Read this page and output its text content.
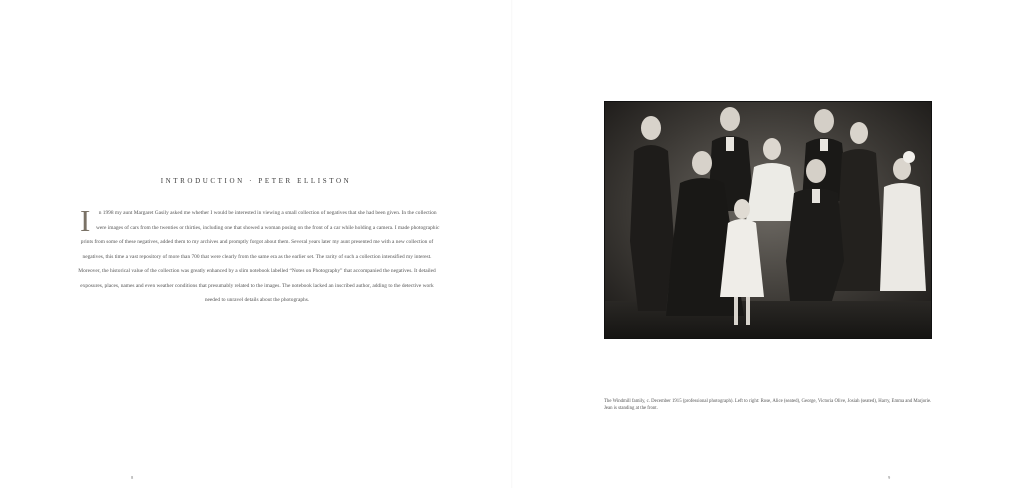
INTRODUCTION · PETER ELLISTON
I n 1998 my aunt Margaret Gasily asked me whether I would be interested in viewing a small collection of negatives that she had been given. In the collection were images of cars from the twenties or thirties, including one that showed a woman posing on the front of a car while holding a camera. I made photographic prints from some of these negatives, added them to my archives and promptly forgot about them. Several years later my aunt presented me with a new collection of negatives, this time a vast repository of more than 700 that were clearly from the same era as the earlier set. The rarity of such a collection intensified my interest. Moreover, the historical value of the collection was greatly enhanced by a slim notebook labelled “Notes on Photography” that accompanied the negatives. It detailed exposures, places, names and even weather conditions that presumably related to the images. The notebook lacked an inscribed author, adding to the detective work needed to unravel details about the photographs.
8
The Windmill family, c. December 1915 (professional photograph). Left to right: Rose, Alice (seated), George, Victoria Olive, Josiah (seated), Harry, Emma and Marjorie. Jean is standing at the front.
9
